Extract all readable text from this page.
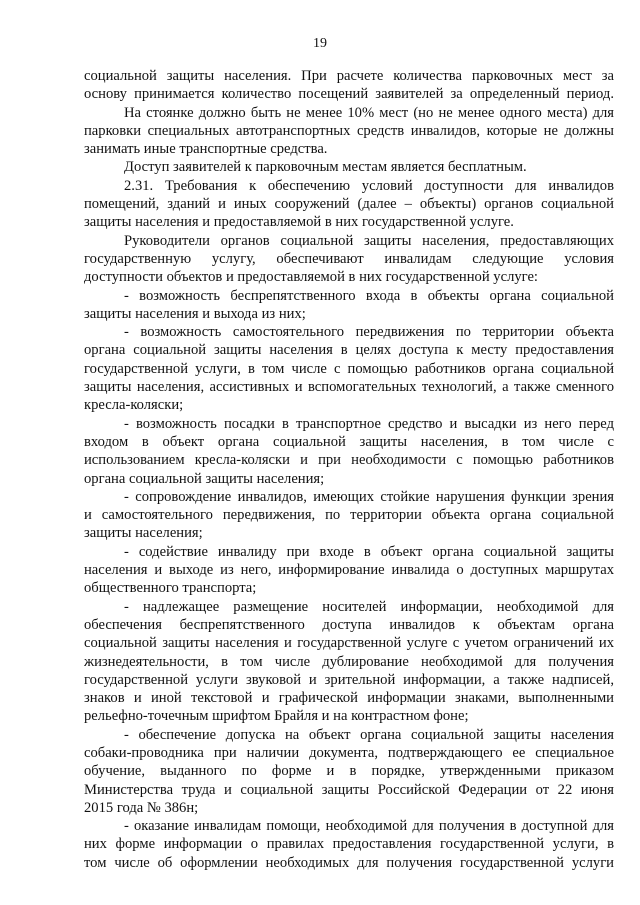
19
социальной защиты населения. При расчете количества парковочных мест за
основу принимается количество посещений заявителей за определенный период.
На стоянке должно быть не менее 10% мест (но не менее одного места) для
парковки специальных автотранспортных средств инвалидов, которые не должны
занимать иные транспортные средства.
Доступ заявителей к парковочным местам является бесплатным.
2.31. Требования к обеспечению условий доступности для инвалидов
помещений, зданий и иных сооружений (далее – объекты) органов социальной
защиты населения и предоставляемой в них государственной услуге.
Руководители органов социальной защиты населения, предоставляющих
государственную услугу, обеспечивают инвалидам следующие условия
доступности объектов и предоставляемой в них государственной услуге:
- возможность беспрепятственного входа в объекты органа социальной
защиты населения и выхода из них;
- возможность самостоятельного передвижения по территории объекта
органа социальной защиты населения в целях доступа к месту предоставления
государственной услуги, в том числе с помощью работников органа социальной
защиты населения, ассистивных и вспомогательных технологий, а также сменного
кресла-коляски;
- возможность посадки в транспортное средство и высадки из него перед
входом в объект органа социальной защиты населения, в том числе с
использованием кресла-коляски и при необходимости с помощью работников
органа социальной защиты населения;
- сопровождение инвалидов, имеющих стойкие нарушения функции зрения
и самостоятельного передвижения, по территории объекта органа социальной
защиты населения;
- содействие инвалиду при входе в объект органа социальной защиты
населения и выходе из него, информирование инвалида о доступных маршрутах
общественного транспорта;
- надлежащее размещение носителей информации, необходимой для
обеспечения беспрепятственного доступа инвалидов к объектам органа
социальной защиты населения и государственной услуге с учетом ограничений их
жизнедеятельности, в том числе дублирование необходимой для получения
государственной услуги звуковой и зрительной информации, а также надписей,
знаков и иной текстовой и графической информации знаками, выполненными
рельефно-точечным шрифтом Брайля и на контрастном фоне;
- обеспечение допуска на объект органа социальной защиты населения
собаки-проводника при наличии документа, подтверждающего ее специальное
обучение, выданного по форме и в порядке, утвержденными приказом
Министерства труда и социальной защиты Российской Федерации от 22 июня
2015 года № 386н;
- оказание инвалидам помощи, необходимой для получения в доступной для
них форме информации о правилах предоставления государственной услуги, в
том числе об оформлении необходимых для получения государственной услуги
